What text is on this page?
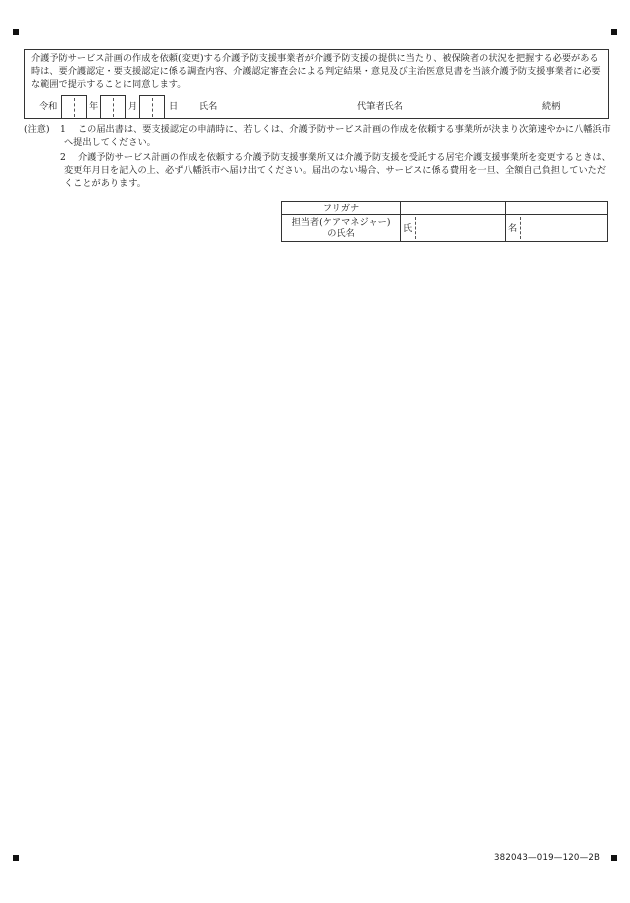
介護予防サービス計画の作成を依頼(変更)する介護予防支援事業者が介護予防支援の提供に当たり、被保険者の状況を把握する必要がある時は、要介護認定・要支援認定に係る調査内容、介護認定審査会による判定結果・意見及び主治医意見書を当該介護予防支援事業者に必要な範囲で提示することに同意します。
令和	年	月	日 氏名	代筆者氏名	続柄
(注意) 1	この届出書は、要支援認定の申請時に、若しくは、介護予防サービス計画の作成を依頼する事業所が決まり次第速やかに八幡浜市へ提出してください。
2	介護予防サービス計画の作成を依頼する介護予防支援事業所又は介護予防支援を受託する居宅介護支援事業所を変更するときは、変更年月日を記入の上、必ず八幡浜市へ届け出てください。届出のない場合、サービスに係る費用を一旦、全額自己負担していただくことがあります。
フリガナ
担当者(ケアマネジャー)
の氏名	氏	名
382043—019—120—2B
